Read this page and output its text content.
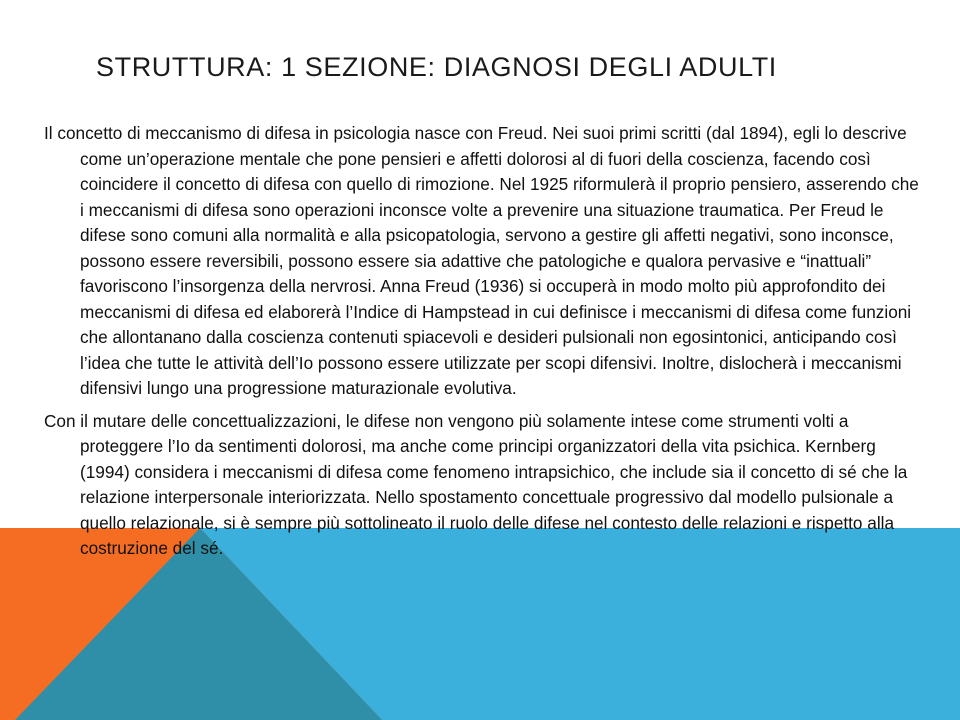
STRUTTURA: 1 SEZIONE: DIAGNOSI DEGLI ADULTI

Il concetto di meccanismo di difesa in psicologia nasce con Freud. Nei suoi primi scritti (dal 1894), egli lo descrive come un’operazione mentale che pone pensieri e affetti dolorosi al di fuori della coscienza, facendo così coincidere il concetto di difesa con quello di rimozione. Nel 1925 riformulerà il proprio pensiero, asserendo che i meccanismi di difesa sono operazioni inconsce volte a prevenire una situazione traumatica. Per Freud le difese sono comuni alla normalità e alla psicopatologia, servono a gestire gli affetti negativi, sono inconsce, possono essere reversibili, possono essere sia adattive che patologiche e qualora pervasive e “inattuali” favoriscono l’insorgenza della nervrosi. Anna Freud (1936) si occuperà in modo molto più approfondito dei meccanismi di difesa ed elaborerà l’Indice di Hampstead in cui definisce i meccanismi di difesa come funzioni che allontanano dalla coscienza contenuti spiacevoli e desideri pulsionali non egosintonici, anticipando così l’idea che tutte le attività dell’Io possono essere utilizzate per scopi difensivi. Inoltre, dislocherà i meccanismi difensivi lungo una progressione maturazionale evolutiva.

Con il mutare delle concettualizzazioni, le difese non vengono più solamente intese come strumenti volti a proteggere l’Io da sentimenti dolorosi, ma anche come principi organizzatori della vita psichica. Kernberg (1994) considera i meccanismi di difesa come fenomeno intrapsichico, che include sia il concetto di sé che la relazione interpersonale interiorizzata. Nello spostamento concettuale progressivo dal modello pulsionale a quello relazionale, si è sempre più sottolineato il ruolo delle difese nel contesto delle relazioni e rispetto alla costruzione del sé.
